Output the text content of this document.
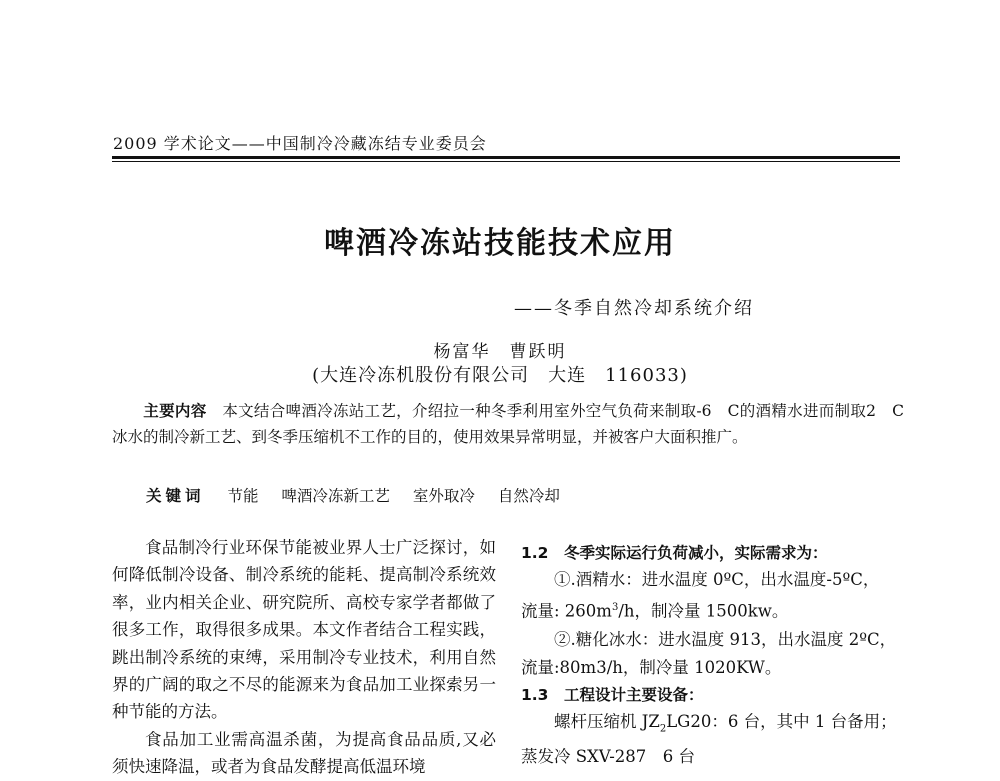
2009 学术论文——中国制冷冷藏冻结专业委员会
啤酒冷冻站技能技术应用
——冬季自然冷却系统介绍
杨富华　曹跃明
(大连冷冻机股份有限公司　大连　116033)
主要内容　 本文结合啤酒冷冻站工艺，介绍拉一种冬季利用室外空气负荷来制取-6　C的酒精水进而制取2　C冰水的制冷新工艺、到冬季压缩机不工作的目的，使用效果异常明显，并被客户大面积推广。
关键词 节能 啤酒冷冻新工艺 室外取冷 自然冷却

食品制冷行业环保节能被业界人士广泛探讨，如何降低制冷设备、制冷系统的能耗、提高制冷系统效率，业内相关企业、研究院所、高校专家学者都做了很多工作，取得很多成果。本文作者结合工程实践，跳出制冷系统的束缚，采用制冷专业技术，利用自然界的广阔的取之不尽的能源来为食品加工业探索另一种节能的方法。

食品加工业需高温杀菌，为提高食品品质,又必须快速降温，或者为食品发酵提高低温环境

1.2　冬季实际运行负荷减小，实际需求为：

①.酒精水：进水温度 0ºC，出水温度-5ºC，

流量: $260m^3/h$，制冷量 1500kw。

②.糖化冰水：进水温度 913，出水温度 2ºC，

流量:80m3/h，制冷量 1020KW。

1.3　工程设计主要设备：

螺杆压缩机 $JZ_2LG20$：6 台，其中 1 台备用；

蒸发冷 SXV-287　6 台
